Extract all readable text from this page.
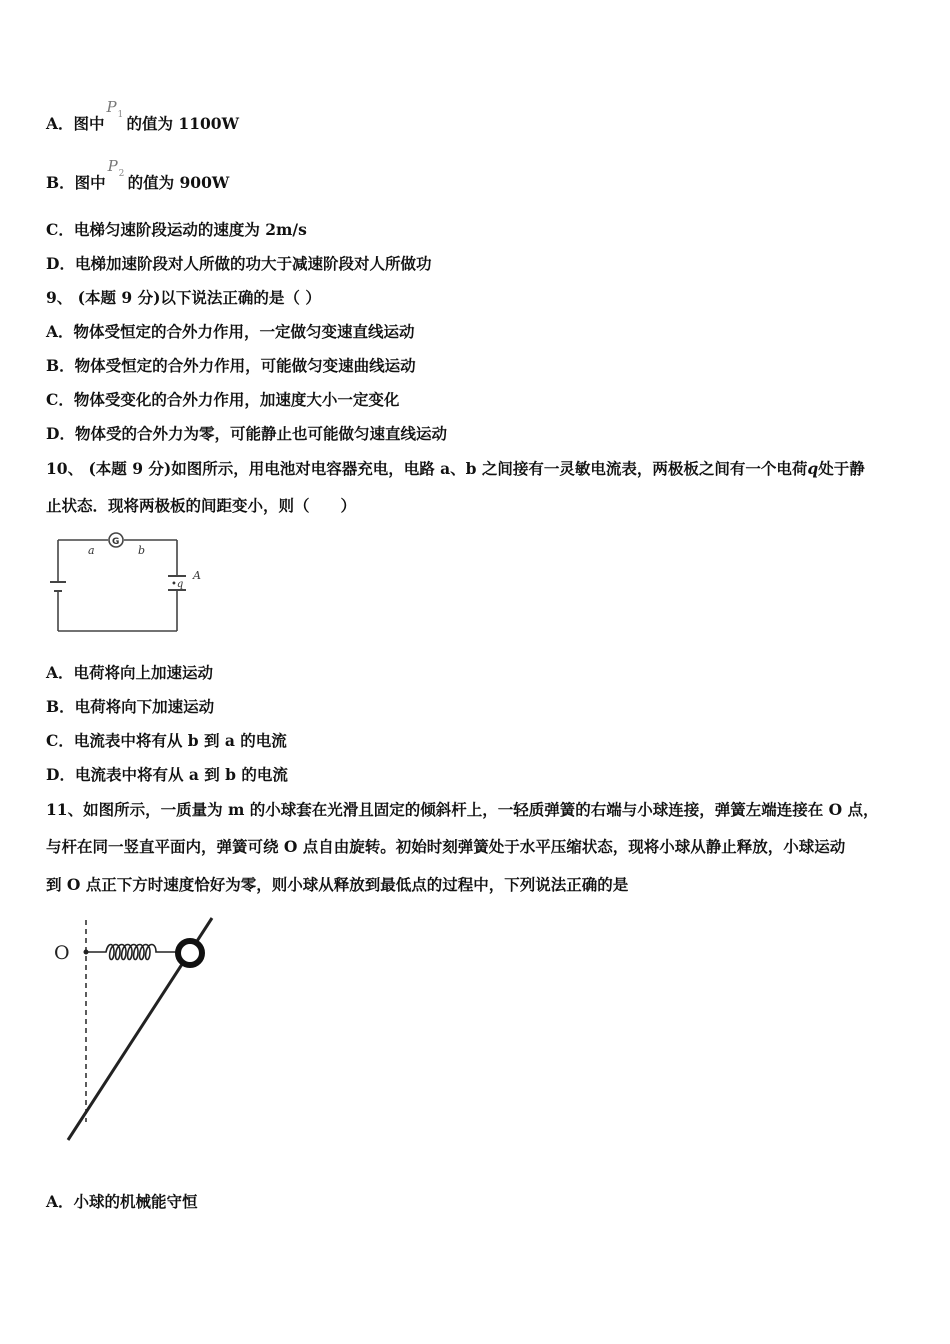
A．图中
P 1 的值为 1100W
B．图中
P 2 的值为 900W
C．电梯匀速阶段运动的速度为 2m/s
D．电梯加速阶段对人所做的功大于减速阶段对人所做功
9、 (本题 9 分)以下说法正确的是（ ）
A．物体受恒定的合外力作用，一定做匀变速直线运动
B．物体受恒定的合外力作用，可能做匀变速曲线运动
C．物体受变化的合外力作用，加速度大小一定变化
D．物体受的合外力为零，可能静止也可能做匀速直线运动
10、 (本题 9 分)如图所示，用电池对电容器充电，电路 a、b 之间接有一灵敏电流表，两极板之间有一个电荷q处于静
止状态．现将两极板的间距变小，则（　　）
G
a	b
•q
A
A．电荷将向上加速运动
B．电荷将向下加速运动
C．电流表中将有从 b 到 a 的电流
D．电流表中将有从 a 到 b 的电流
11、如图所示，一质量为 m 的小球套在光滑且固定的倾斜杆上，一轻质弹簧的右端与小球连接，弹簧左端连接在 O 点，
与杆在同一竖直平面内，弹簧可绕 O 点自由旋转。初始时刻弹簧处于水平压缩状态，现将小球从静止释放，小球运动
到 O 点正下方时速度恰好为零，则小球从释放到最低点的过程中，下列说法正确的是
O
A．小球的机械能守恒
